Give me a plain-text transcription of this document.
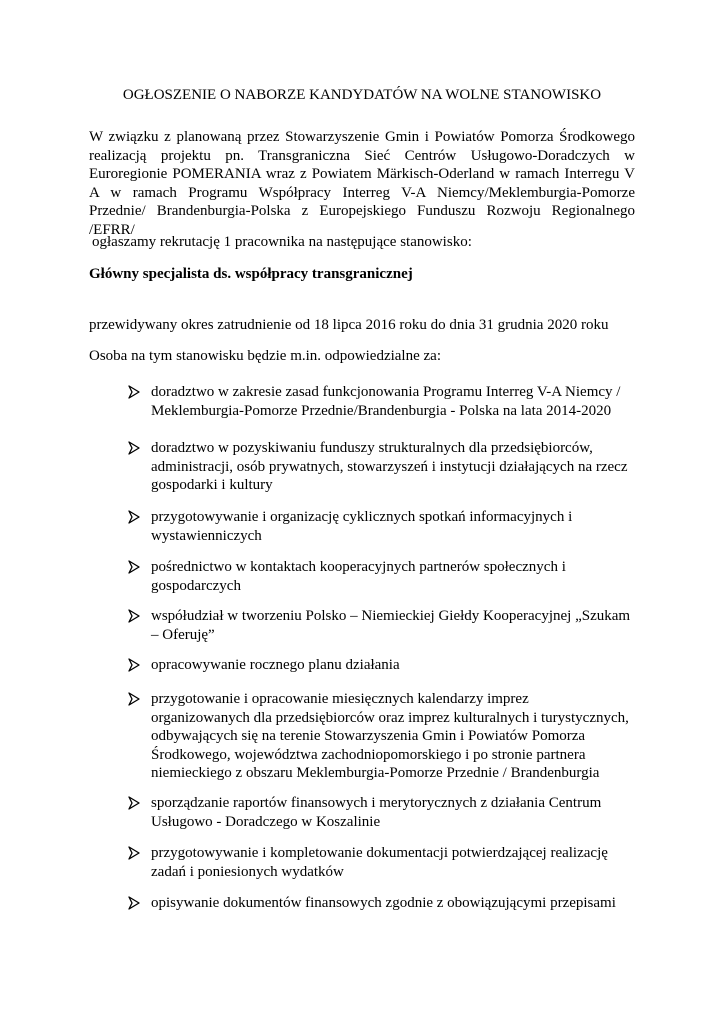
OGŁOSZENIE O NABORZE KANDYDATÓW NA WOLNE STANOWISKO
W związku z planowaną przez Stowarzyszenie Gmin i Powiatów Pomorza Środkowego realizacją projektu pn. Transgraniczna Sieć Centrów Usługowo-Doradczych w Euroregionie POMERANIA wraz z Powiatem Märkisch-Oderland w ramach Interregu V A w ramach Programu Współpracy Interreg V-A Niemcy/Meklemburgia-Pomorze Przednie/ Brandenburgia-Polska z Europejskiego Funduszu Rozwoju Regionalnego /EFRR/
ogłaszamy rekrutację 1 pracownika na następujące stanowisko:
Główny specjalista ds. współpracy transgranicznej
przewidywany okres zatrudnienie od 18 lipca 2016 roku do dnia 31 grudnia 2020 roku
Osoba na tym stanowisku będzie m.in. odpowiedzialne za:
doradztwo w zakresie zasad funkcjonowania Programu Interreg V-A Niemcy / Meklemburgia-Pomorze Przednie/Brandenburgia - Polska na lata 2014-2020
doradztwo w pozyskiwaniu funduszy strukturalnych dla przedsiębiorców, administracji, osób prywatnych, stowarzyszeń i instytucji działających na rzecz gospodarki i kultury
przygotowywanie i organizację cyklicznych spotkań informacyjnych i wystawienniczych
pośrednictwo w kontaktach kooperacyjnych partnerów społecznych i gospodarczych
współudział w tworzeniu Polsko – Niemieckiej Giełdy Kooperacyjnej „Szukam – Oferuję”
opracowywanie rocznego planu działania
przygotowanie i opracowanie miesięcznych kalendarzy imprez organizowanych dla przedsiębiorców oraz imprez kulturalnych i turystycznych, odbywających się na terenie Stowarzyszenia Gmin i Powiatów Pomorza Środkowego, województwa zachodniopomorskiego i po stronie partnera niemieckiego z obszaru Meklemburgia-Pomorze Przednie / Brandenburgia
sporządzanie raportów finansowych i merytorycznych z działania Centrum Usługowo - Doradczego w Koszalinie
przygotowywanie i kompletowanie dokumentacji potwierdzającej realizację zadań i poniesionych wydatków
opisywanie dokumentów finansowych zgodnie z obowiązującymi przepisami
